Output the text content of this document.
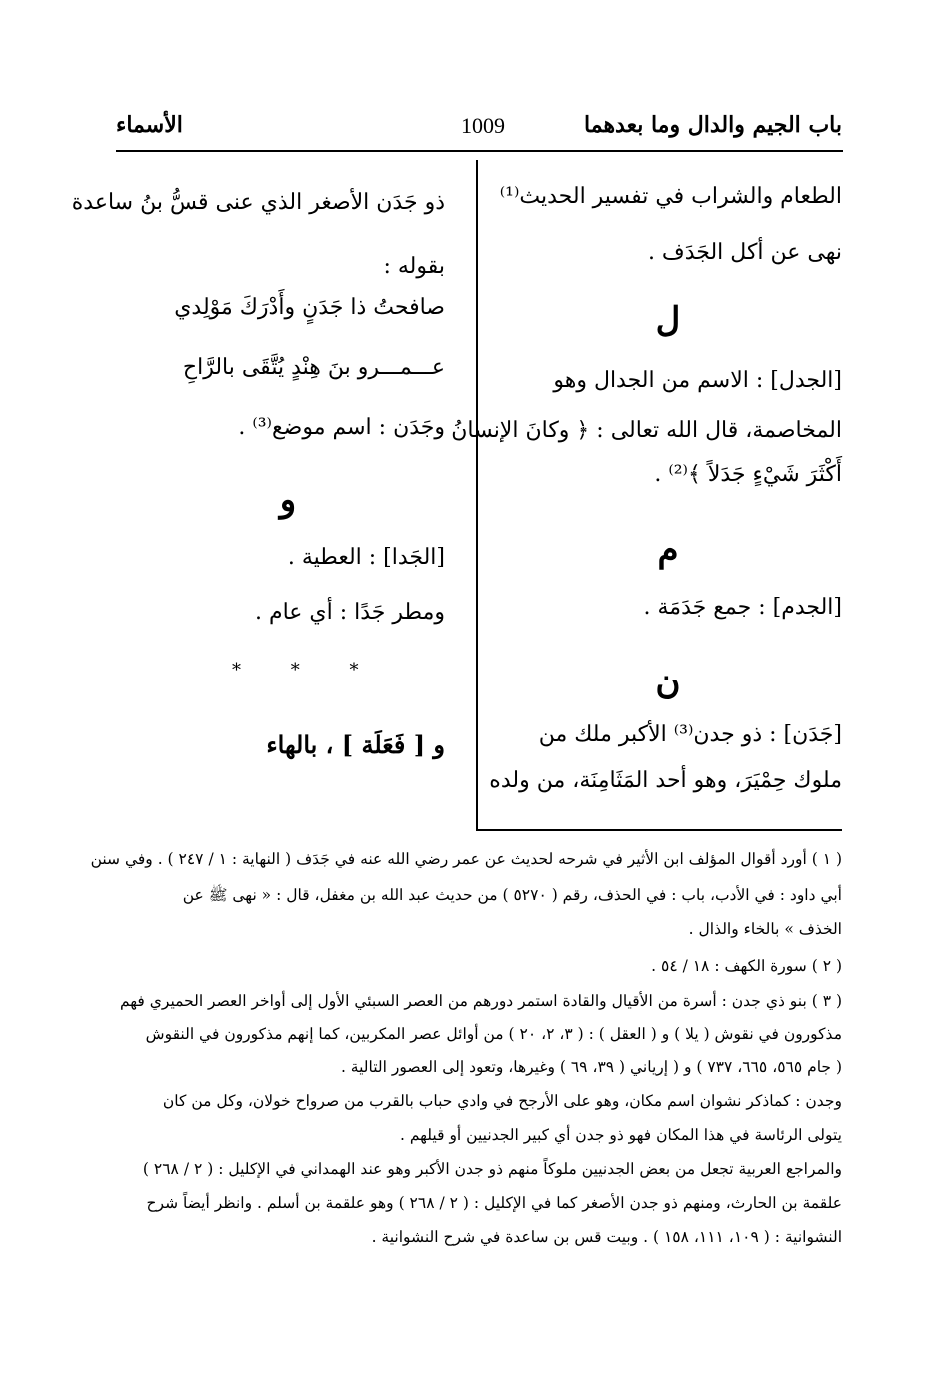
باب الجيم والدال وما بعدهما
1009
الأسماء
الطعام والشراب في تفسير الحديث⁽¹⁾
نهى عن أكل الجَدَف .
ل
[الجدل] : الاسم من الجدال وهو
المخاصمة، قال الله تعالى : ﴿ وكانَ الإنسانُ
أَكْثَرَ شَيْءٍ جَدَلاً ﴾⁽²⁾ .
م
[الجدم] : جمع جَدَمَة .
ن
[جَدَن] : ذو جدن⁽³⁾ الأكبر ملك من
ملوك حِمْيَرَ، وهو أحد المَثَامِنَة، من ولده
ذو جَدَن الأصغر الذي عنى قسُّ بنُ ساعدة
بقوله :
صافحتُ ذا جَدَنٍ وأَدْرَكَ مَوْلِدي
عـــمـــرو بنَ هِنْدٍ يُتَّقَى بالرَّاحِ
وجَدَن : اسم موضع⁽³⁾ .
و
[الجَدا] : العطية .
ومطر جَدًا : أي عام .
* * *
و [ فَعَلَة ] ، بالهاء
( ١ ) أورد أقوال المؤلف ابن الأثير في شرحه لحديث عن عمر رضي الله عنه في جَدَف ( النهاية : ١ / ٢٤٧ ) . وفي سنن
أبي داود : في الأدب، باب : في الحذف، رقم ( ٥٢٧٠ ) من حديث عبد الله بن مغفل، قال : « نهى ﷺ عن
الخذف » بالخاء والذال .
( ٢ ) سورة الكهف : ١٨ / ٥٤ .
( ٣ ) بنو ذي جدن : أسرة من الأقيال والقادة استمر دورهم من العصر السبئي الأول إلى أواخر العصر الحميري فهم
مذكورون في نقوش ( يلا ) و ( العقل ) : ( ٣، ٢، ٢٠ ) من أوائل عصر المكربين، كما إنهم مذكورون في النقوش
( جام ٥٦٥، ٦٦٥، ٧٣٧ ) و ( إرياني ( ٣٩، ٦٩ ) وغيرها، وتعود إلى العصور التالية .
وجدن : كماذكر نشوان اسم مكان، وهو على الأرجح في وادي حباب بالقرب من صرواح خولان، وكل من كان
يتولى الرئاسة في هذا المكان فهو ذو جدن أي كبير الجدنيين أو قيلهم .
والمراجع العربية تجعل من بعض الجدنيين ملوكاً منهم ذو جدن الأكبر وهو عند الهمداني في الإكليل : ( ٢ / ٢٦٨ )
علقمة بن الحارث، ومنهم ذو جدن الأصغر كما في الإكليل : ( ٢ / ٢٦٨ ) وهو علقمة بن أسلم . وانظر أيضاً شرح
النشوانية : ( ١٠٩، ١١١، ١٥٨ ) . وبيت قس بن ساعدة في شرح النشوانية .
